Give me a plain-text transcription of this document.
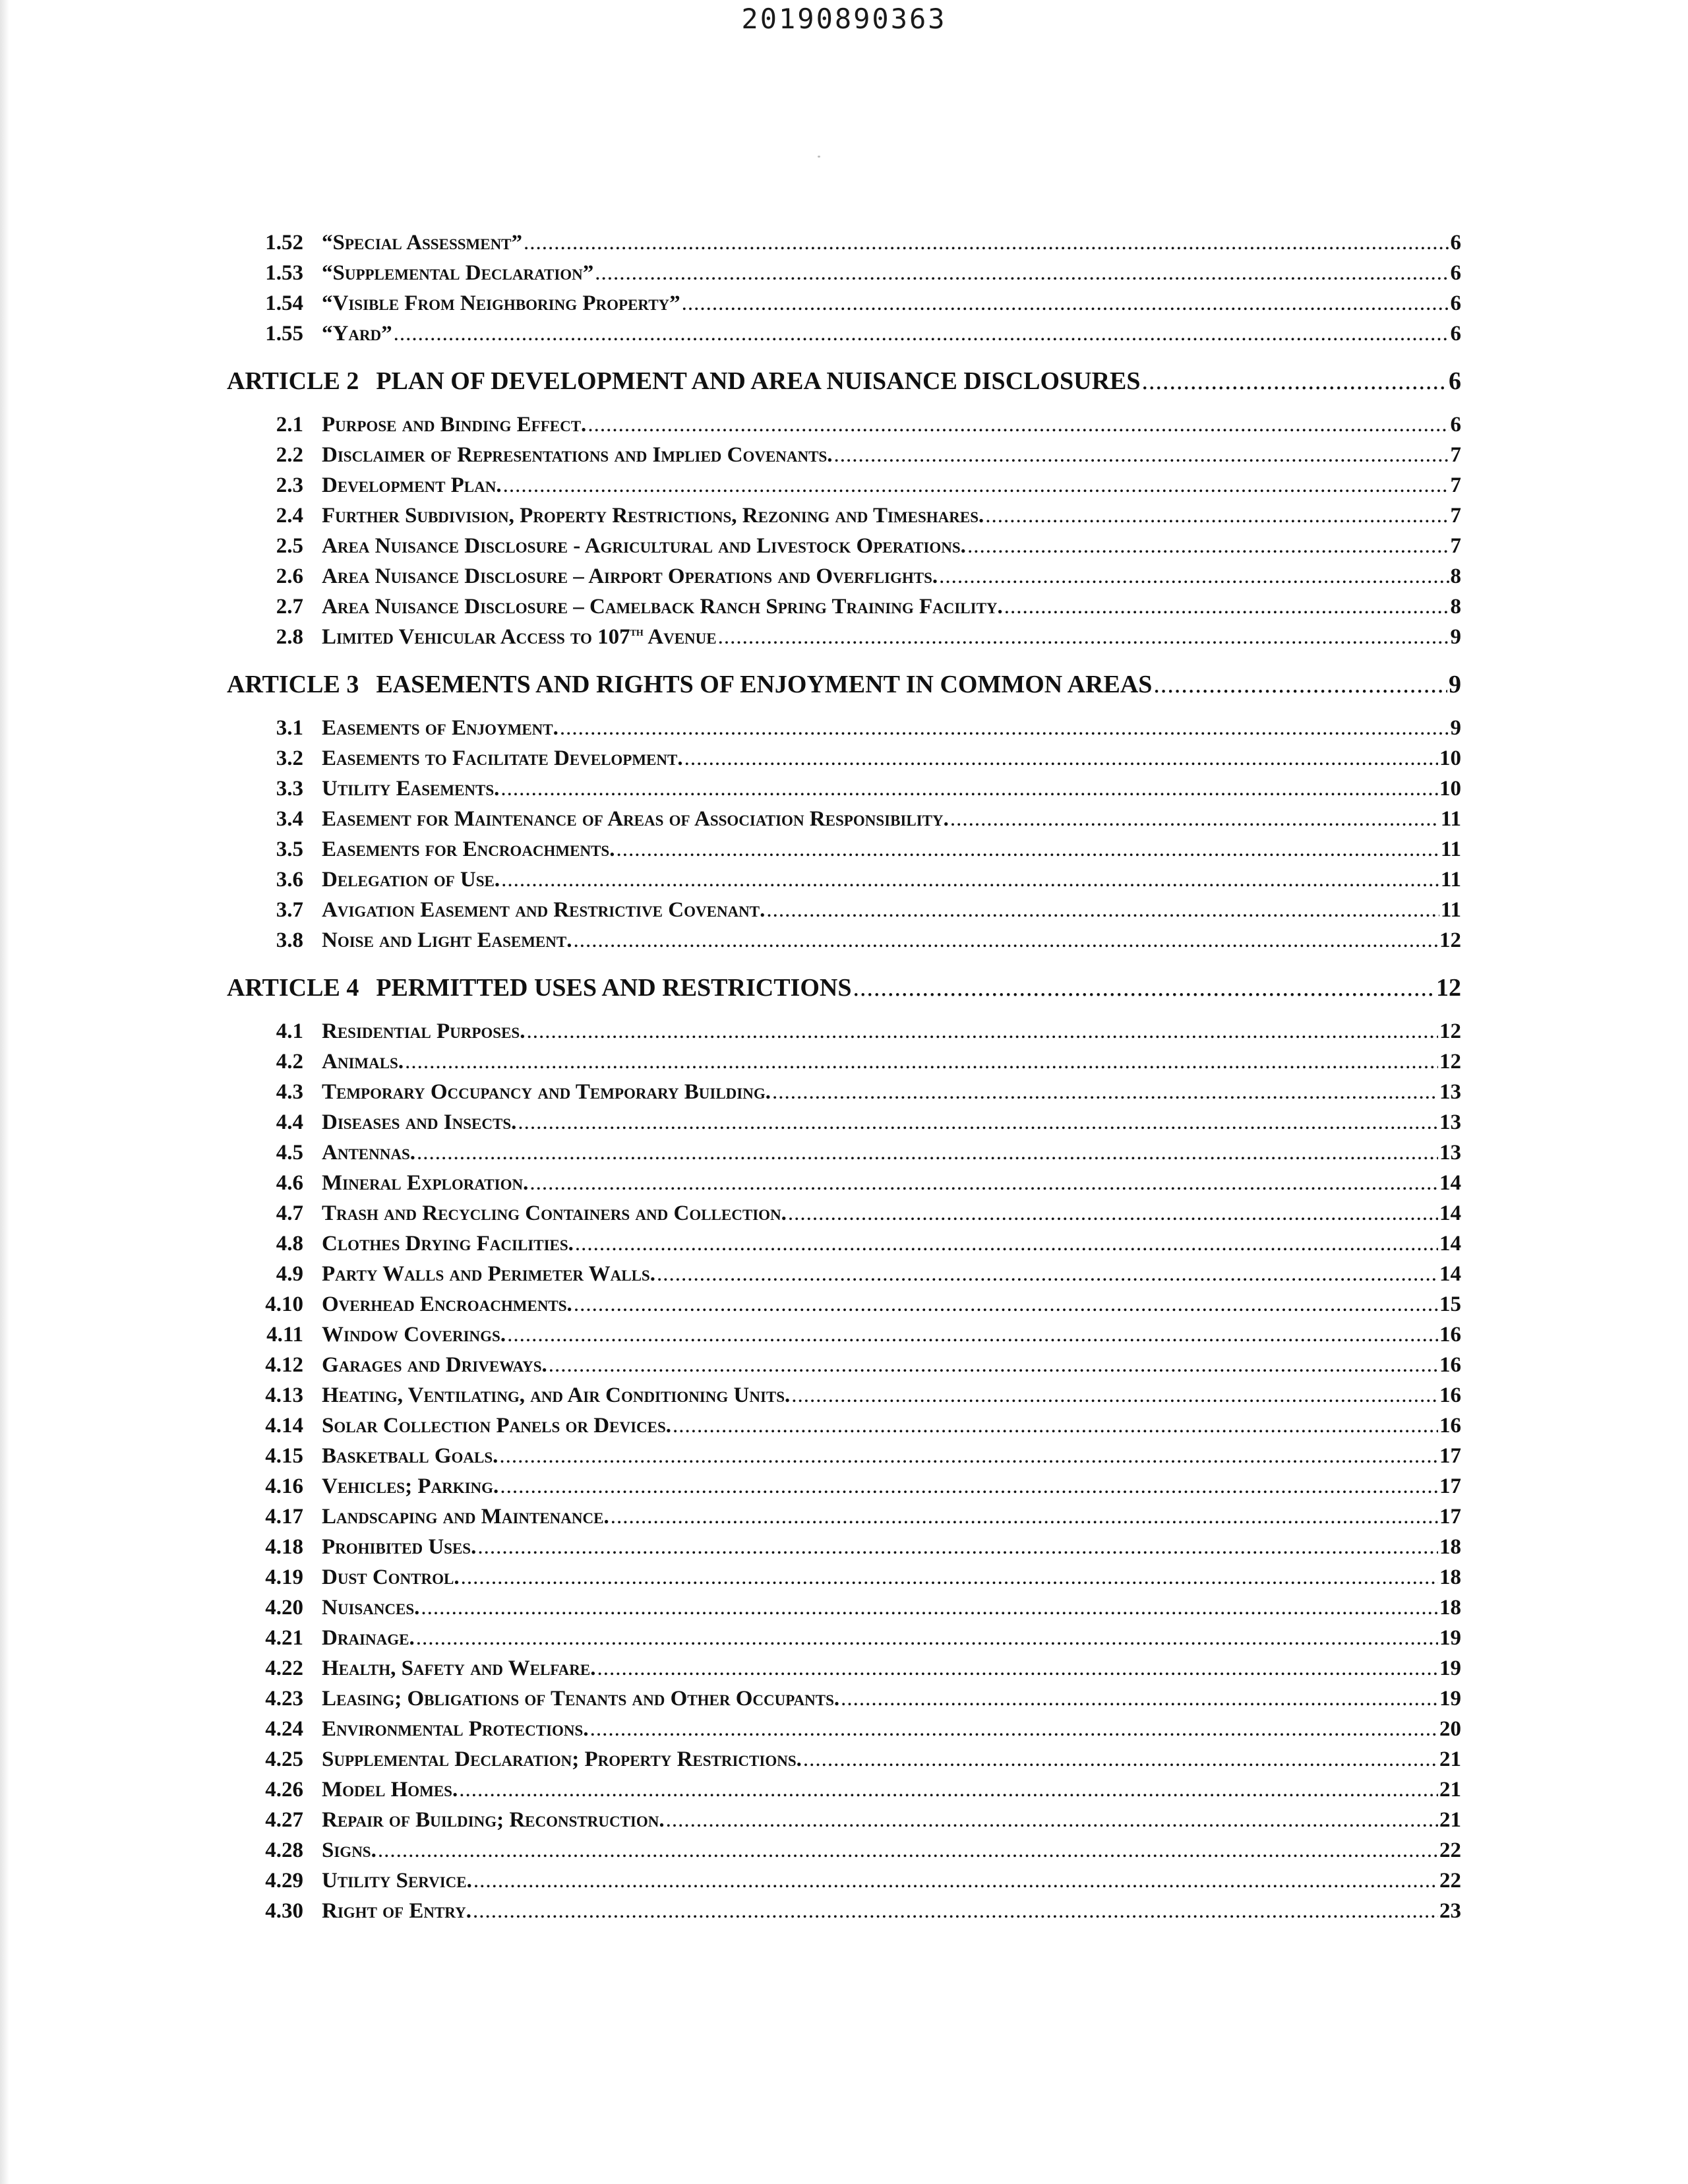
20190890363
1.52 “Special Assessment” .....	6
1.53 “Supplemental Declaration” .....	6
1.54 “Visible From Neighboring Property” .....	6
1.55 “Yard” .....	6
ARTICLE 2 PLAN OF DEVELOPMENT AND AREA NUISANCE DISCLOSURES .....	6
2.1 Purpose and Binding Effect. .....	6
2.2 Disclaimer of Representations and Implied Covenants. .....	7
2.3 Development Plan. .....	7
2.4 Further Subdivision, Property Restrictions, Rezoning and Timeshares. .....	7
2.5 Area Nuisance Disclosure - Agricultural and Livestock Operations. .....	7
2.6 Area Nuisance Disclosure – Airport Operations and Overflights. .....	8
2.7 Area Nuisance Disclosure – Camelback Ranch Spring Training Facility. .....	8
2.8 Limited Vehicular Access to 107th Avenue .....	9
ARTICLE 3 EASEMENTS AND RIGHTS OF ENJOYMENT IN COMMON AREAS .....	9
3.1 Easements of Enjoyment. .....	9
3.2 Easements to Facilitate Development. .....	10
3.3 Utility Easements. .....	10
3.4 Easement for Maintenance of Areas of Association Responsibility. .....	11
3.5 Easements for Encroachments. .....	11
3.6 Delegation of Use. .....	11
3.7 Avigation Easement and Restrictive Covenant. .....	11
3.8 Noise and Light Easement. .....	12
ARTICLE 4 PERMITTED USES AND RESTRICTIONS .....	12
4.1 Residential Purposes. .....	12
4.2 Animals. .....	12
4.3 Temporary Occupancy and Temporary Building. .....	13
4.4 Diseases and Insects. .....	13
4.5 Antennas. .....	13
4.6 Mineral Exploration. .....	14
4.7 Trash and Recycling Containers and Collection. .....	14
4.8 Clothes Drying Facilities. .....	14
4.9 Party Walls and Perimeter Walls. .....	14
4.10 Overhead Encroachments. .....	15
4.11 Window Coverings. .....	16
4.12 Garages and Driveways. .....	16
4.13 Heating, Ventilating, and Air Conditioning Units. .....	16
4.14 Solar Collection Panels or Devices. .....	16
4.15 Basketball Goals. .....	17
4.16 Vehicles; Parking. .....	17
4.17 Landscaping and Maintenance. .....	17
4.18 Prohibited Uses. .....	18
4.19 Dust Control. .....	18
4.20 Nuisances. .....	18
4.21 Drainage. .....	19
4.22 Health, Safety and Welfare. .....	19
4.23 Leasing; Obligations of Tenants and Other Occupants. .....	19
4.24 Environmental Protections. .....	20
4.25 Supplemental Declaration; Property Restrictions. .....	21
4.26 Model Homes. .....	21
4.27 Repair of Building; Reconstruction. .....	21
4.28 Signs. .....	22
4.29 Utility Service. .....	22
4.30 Right of Entry. .....	23
